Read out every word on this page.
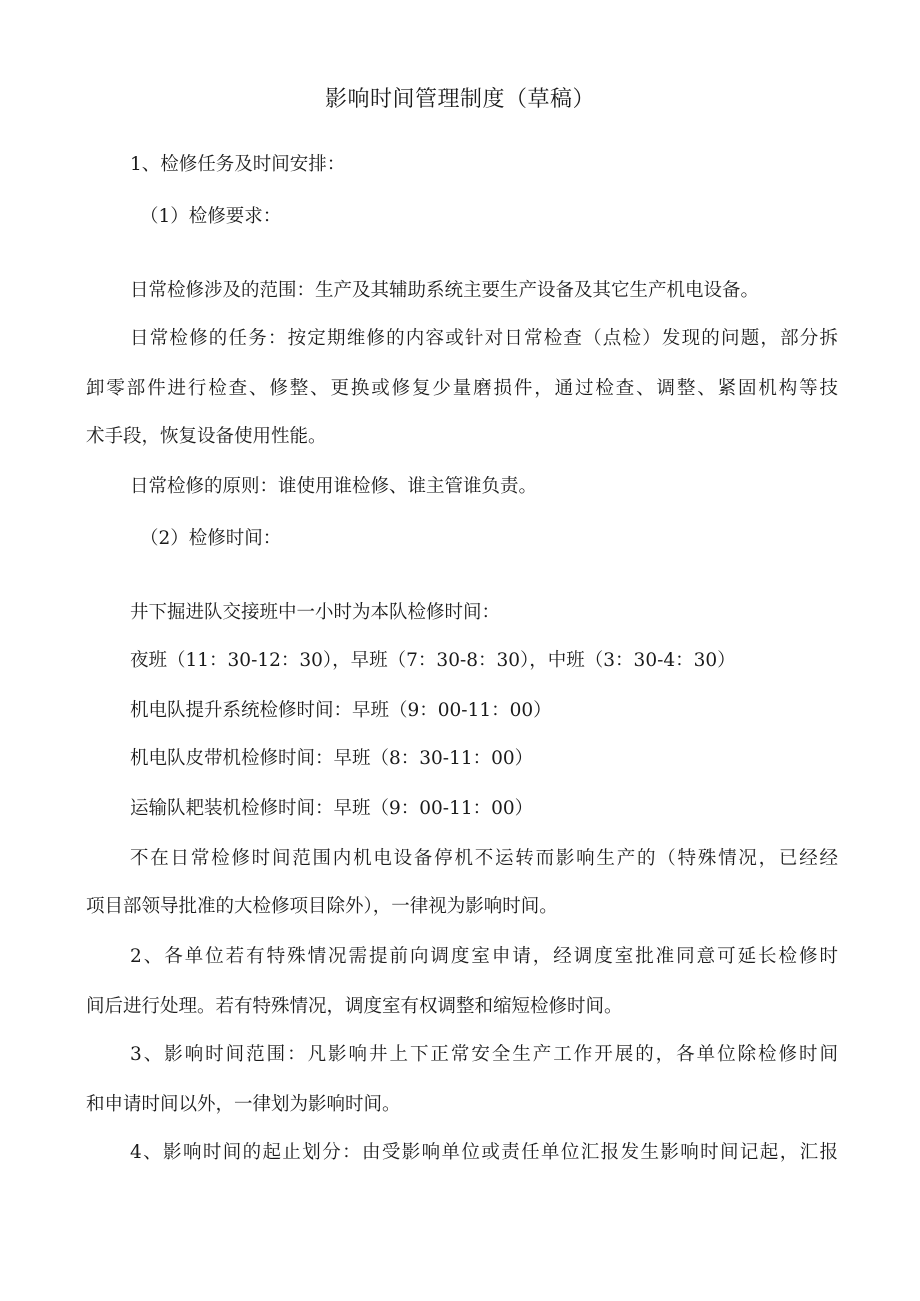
影响时间管理制度（草稿）
1、检修任务及时间安排：
（1）检修要求：
日常检修涉及的范围：生产及其辅助系统主要生产设备及其它生产机电设备。
日常检修的任务：按定期维修的内容或针对日常检查（点检）发现的问题，部分拆
卸零部件进行检查、修整、更换或修复少量磨损件，通过检查、调整、紧固机构等技
术手段，恢复设备使用性能。
日常检修的原则：谁使用谁检修、谁主管谁负责。
（2）检修时间：
井下掘进队交接班中一小时为本队检修时间：
夜班（11：30-12：30），早班（7：30-8：30），中班（3：30-4：30）
机电队提升系统检修时间：早班（9：00-11：00）
机电队皮带机检修时间：早班（8：30-11：00）
运输队耙装机检修时间：早班（9：00-11：00）
不在日常检修时间范围内机电设备停机不运转而影响生产的（特殊情况，已经经
项目部领导批准的大检修项目除外），一律视为影响时间。
2、各单位若有特殊情况需提前向调度室申请，经调度室批准同意可延长检修时
间后进行处理。若有特殊情况，调度室有权调整和缩短检修时间。
3、影响时间范围：凡影响井上下正常安全生产工作开展的，各单位除检修时间
和申请时间以外，一律划为影响时间。
4、影响时间的起止划分：由受影响单位或责任单位汇报发生影响时间记起，汇报
